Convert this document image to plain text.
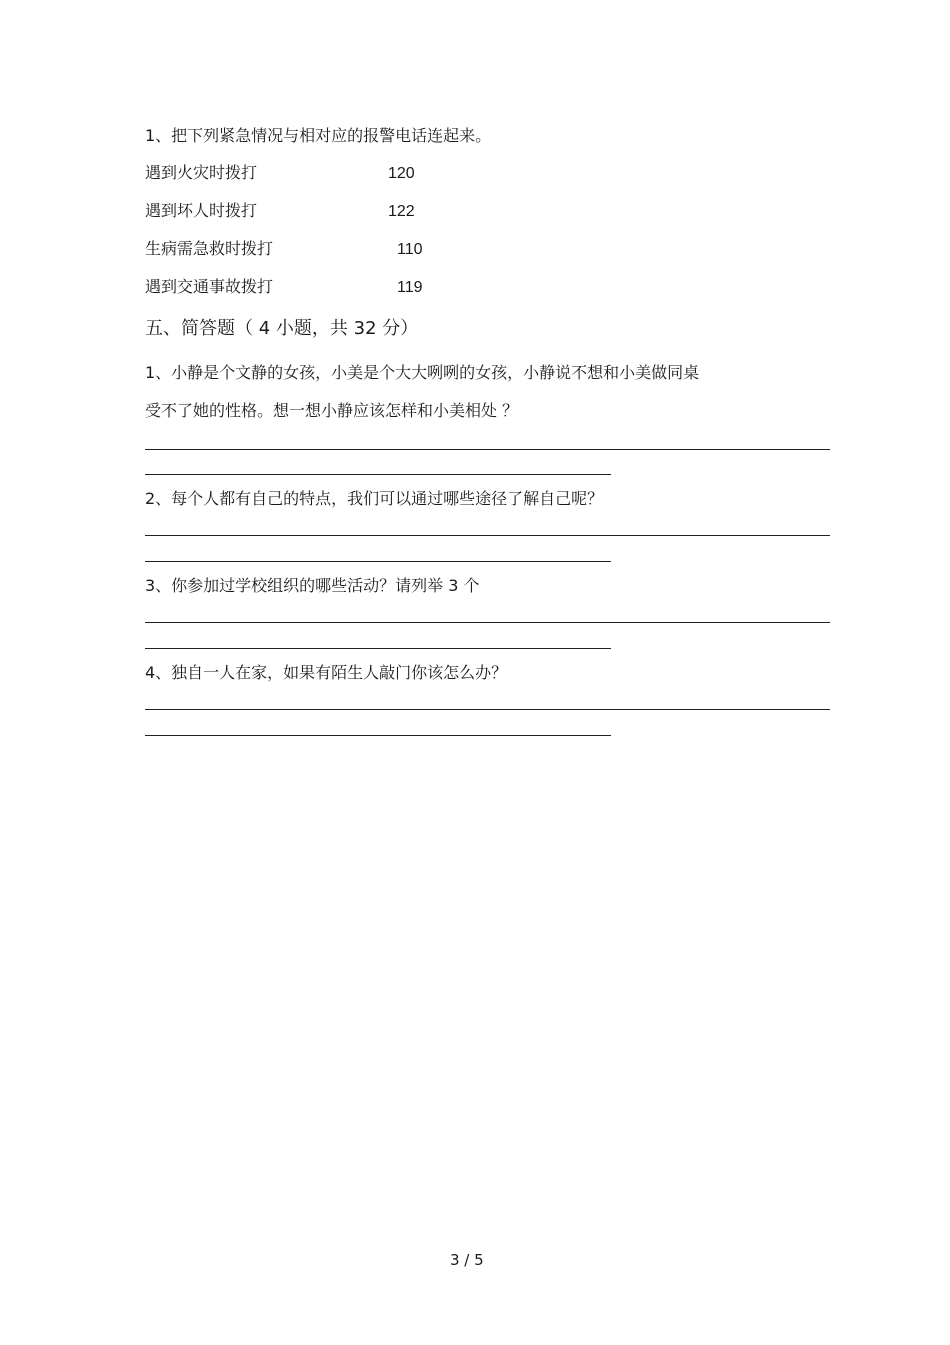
1、把下列紧急情况与相对应的报警电话连起来。
遇到火灾时拨打	120
遇到坏人时拨打	122
生病需急救时拨打	110
遇到交通事故拨打	119
五、简答题（ 4 小题，共 32 分）
1、小静是个文静的女孩，小美是个大大咧咧的女孩，小静说不想和小美做同桌
受不了她的性格。想一想小静应该怎样和小美相处 ？
2、每个人都有自己的特点，我们可以通过哪些途径了解自己呢？
3、你参加过学校组织的哪些活动？请列举 3 个
4、独自一人在家，如果有陌生人敲门你该怎么办？
3 / 5
